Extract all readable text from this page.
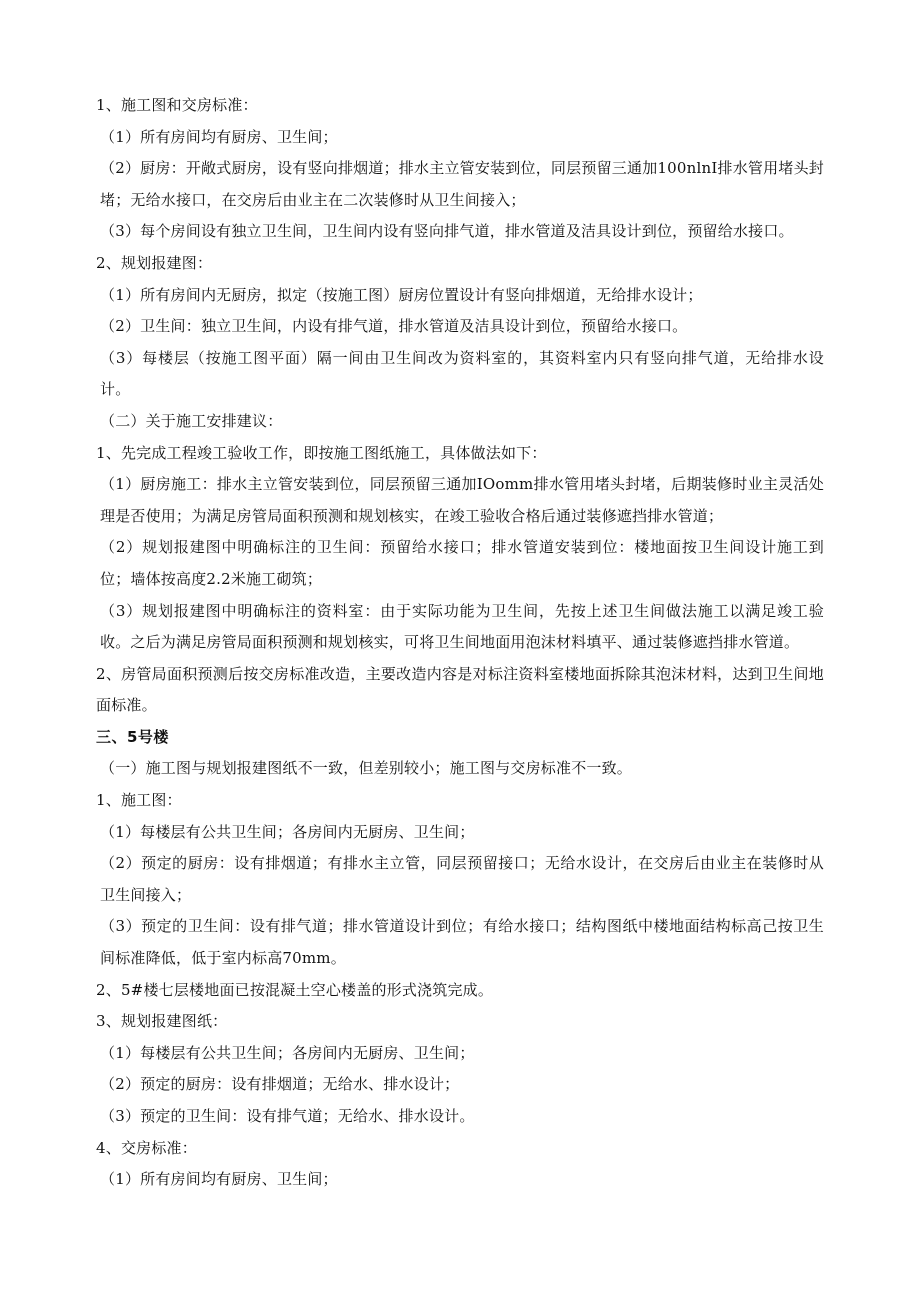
1、施工图和交房标准：

（1）所有房间均有厨房、卫生间；

（2）厨房：开敞式厨房，设有竖向排烟道；排水主立管安装到位，同层预留三通加100nlnI排水管用堵头封堵；无给水接口，在交房后由业主在二次装修时从卫生间接入；

（3）每个房间设有独立卫生间，卫生间内设有竖向排气道，排水管道及洁具设计到位，预留给水接口。

2、规划报建图：

（1）所有房间内无厨房，拟定（按施工图）厨房位置设计有竖向排烟道，无给排水设计；

（2）卫生间：独立卫生间，内设有排气道，排水管道及洁具设计到位，预留给水接口。

（3）每楼层（按施工图平面）隔一间由卫生间改为资料室的，其资料室内只有竖向排气道，无给排水设计。

（二）关于施工安排建议：

1、先完成工程竣工验收工作，即按施工图纸施工，具体做法如下：

（1）厨房施工：排水主立管安装到位，同层预留三通加IOomm排水管用堵头封堵，后期装修时业主灵活处理是否使用；为满足房管局面积预测和规划核实，在竣工验收合格后通过装修遮挡排水管道；

（2）规划报建图中明确标注的卫生间：预留给水接口；排水管道安装到位：楼地面按卫生间设计施工到位；墙体按高度2.2米施工砌筑；

（3）规划报建图中明确标注的资料室：由于实际功能为卫生间，先按上述卫生间做法施工以满足竣工验收。之后为满足房管局面积预测和规划核实，可将卫生间地面用泡沫材料填平、通过装修遮挡排水管道。

2、房管局面积预测后按交房标准改造，主要改造内容是对标注资料室楼地面拆除其泡沫材料，达到卫生间地面标准。

三、5号楼

（一）施工图与规划报建图纸不一致，但差别较小；施工图与交房标准不一致。

1、施工图：

（1）每楼层有公共卫生间；各房间内无厨房、卫生间；

（2）预定的厨房：设有排烟道；有排水主立管，同层预留接口；无给水设计，在交房后由业主在装修时从卫生间接入；

（3）预定的卫生间：设有排气道；排水管道设计到位；有给水接口；结构图纸中楼地面结构标高己按卫生间标准降低，低于室内标高70mm。

2、5#楼七层楼地面已按混凝土空心楼盖的形式浇筑完成。

3、规划报建图纸：

（1）每楼层有公共卫生间；各房间内无厨房、卫生间；

（2）预定的厨房：设有排烟道；无给水、排水设计；

（3）预定的卫生间：设有排气道；无给水、排水设计。

4、交房标准：

（1）所有房间均有厨房、卫生间；
